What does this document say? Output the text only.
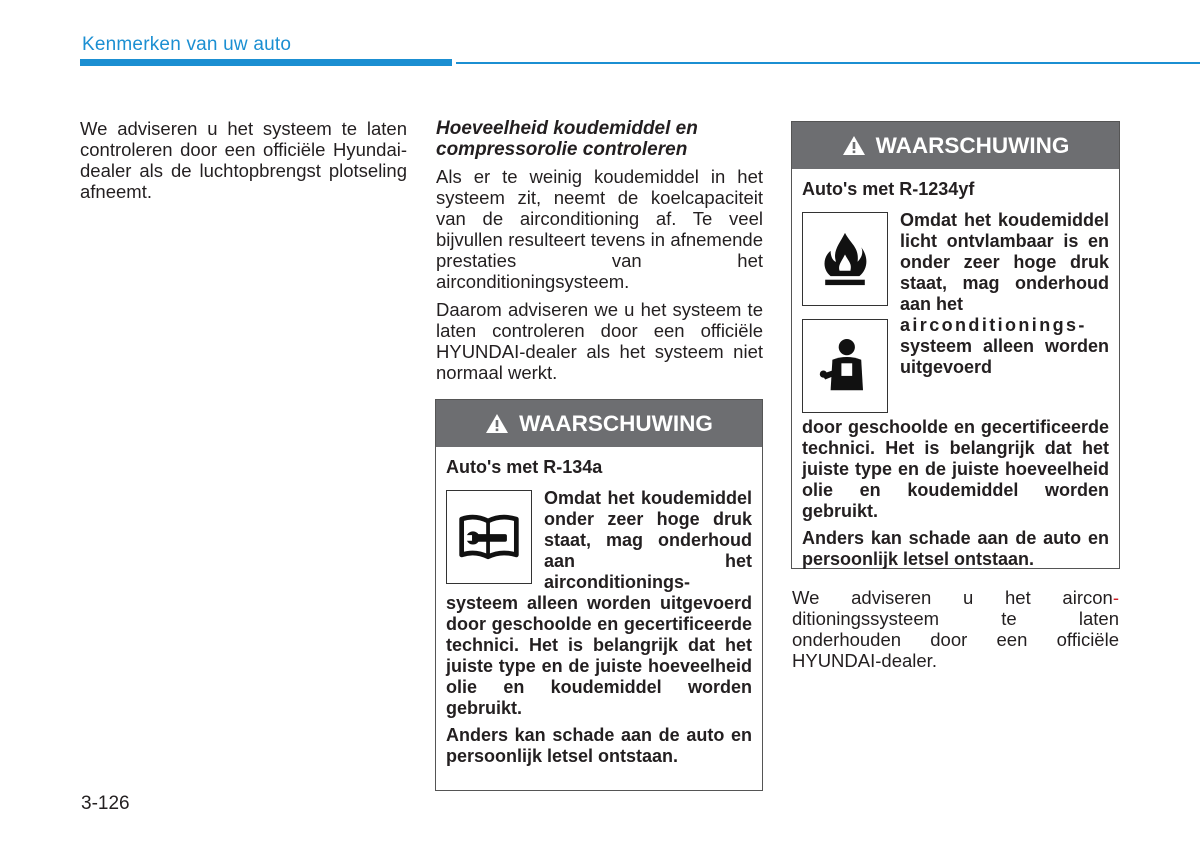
Kenmerken van uw auto

We adviseren u het systeem te laten controleren door een officiële Hyundai-dealer als de luchtopbrengst plotseling afneemt.

Hoeveelheid koudemiddel en
compressorolie controleren

Als er te weinig koudemiddel in het systeem zit, neemt de koelcapaciteit van de airconditioning af. Te veel bijvullen resulteert tevens in afnemende prestaties van het airconditioningsysteem.

Daarom adviseren we u het systeem te laten controleren door een officiële HYUNDAI-dealer als het systeem niet normaal werkt.

WAARSCHUWING

Auto's met R-134a

Omdat het koudemiddel onder zeer hoge druk staat, mag onderhoud aan het airconditionings-

systeem alleen worden uitgevoerd door geschoolde en gecertificeerde technici. Het is belangrijk dat het juiste type en de juiste hoeveelheid olie en koudemiddel worden gebruikt.

Anders kan schade aan de auto en persoonlijk letsel ontstaan.

WAARSCHUWING

Auto's met R-1234yf

Omdat het koudemiddel licht ontvlambaar is en onder zeer hoge druk staat, mag onderhoud aan het

airconditionings-

systeem alleen worden uitgevoerd

door geschoolde en gecertificeerde technici. Het is belangrijk dat het juiste type en de juiste hoeveelheid olie en koudemiddel worden gebruikt.

Anders kan schade aan de auto en persoonlijk letsel ontstaan.

We adviseren u het aircon-ditioningssysteem te laten onderhouden door een officiële HYUNDAI-dealer.

3-126
